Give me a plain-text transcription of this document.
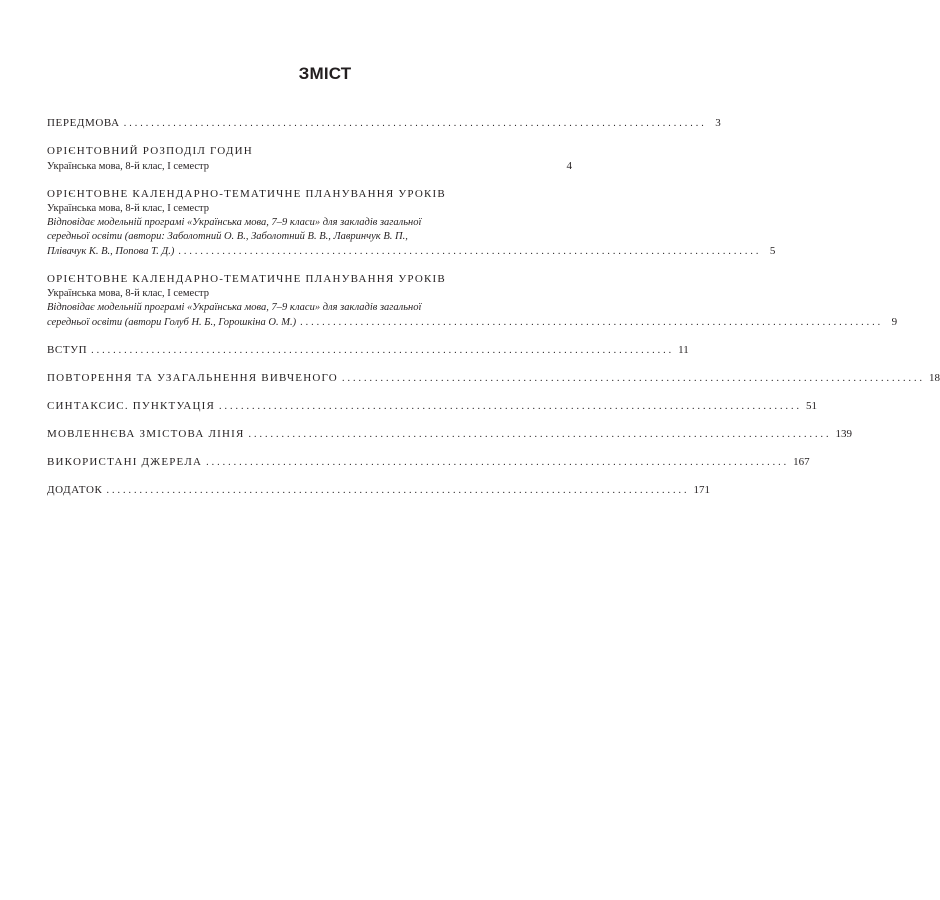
ЗМІСТ
ПЕРЕДМОВА .......................................................................................................... 3
ОРІЄНТОВНИЙ РОЗПОДІЛ ГОДИН
Українська мова, 8-й клас, І семестр	4
ОРІЄНТОВНЕ КАЛЕНДАРНО-ТЕМАТИЧНЕ ПЛАНУВАННЯ УРОКІВ
Українська мова, 8-й клас, І семестр
Відповідає модельній програмі «Українська мова, 7–9 класи» для закладів загальної
середньої освіти (автори: Заболотний О. В., Заболотний В. В., Лавринчук В. П.,
Плівачук К. В., Попова Т. Д.) .......................................................................................................... 5
ОРІЄНТОВНЕ КАЛЕНДАРНО-ТЕМАТИЧНЕ ПЛАНУВАННЯ УРОКІВ
Українська мова, 8-й клас, І семестр
Відповідає модельній програмі «Українська мова, 7–9 класи» для закладів загальної
середньої освіти (автори Голуб Н. Б., Горошкіна О. М.) .......................................................................................................... 9
ВСТУП .......................................................................................................... 11
ПОВТОРЕННЯ ТА УЗАГАЛЬНЕННЯ ВИВЧЕНОГО .......................................................................................................... 18
СИНТАКСИС. ПУНКТУАЦІЯ .......................................................................................................... 51
МОВЛЕННЄВА ЗМІСТОВА ЛІНІЯ .......................................................................................................... 139
ВИКОРИСТАНІ ДЖЕРЕЛА .......................................................................................................... 167
ДОДАТОК .......................................................................................................... 171
